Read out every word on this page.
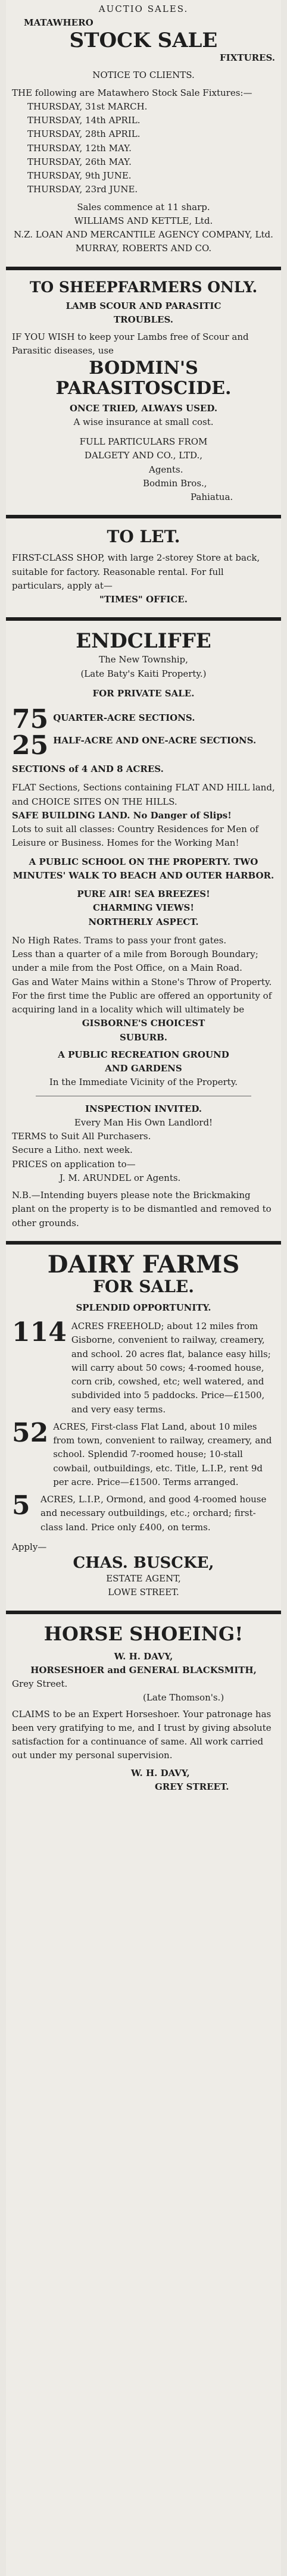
AUCTIO SALES.
MATAWHERO
STOCK SALE
FIXTURES.
NOTICE TO CLIENTS.
THE following are Matawhero Stock Sale Fixtures:—
THURSDAY, 31st MARCH.
THURSDAY, 14th APRIL.
THURSDAY, 28th APRIL.
THURSDAY, 12th MAY.
THURSDAY, 26th MAY.
THURSDAY, 9th JUNE.
THURSDAY, 23rd JUNE.
Sales commence at 11 sharp.
WILLIAMS AND KETTLE, Ltd.
N.Z. LOAN AND MERCANTILE AGENCY COMPANY, Ltd.
MURRAY, ROBERTS AND CO.
TO SHEEPFARMERS ONLY.
LAMB SCOUR AND PARASITIC
TROUBLES.
IF YOU WISH to keep your Lambs free of Scour and Parasitic diseases, use
BODMIN'S
PARASITOSCIDE.
ONCE TRIED, ALWAYS USED.
A wise insurance at small cost.
FULL PARTICULARS FROM
DALGETY AND CO., LTD.,
Agents.
Bodmin Bros.,
Pahiatua.
TO LET.
FIRST-CLASS SHOP, with large 2-storey Store at back, suitable for factory. Reasonable rental. For full particulars, apply at—
"TIMES" OFFICE.
ENDCLIFFE
The New Township,
(Late Baty's Kaiti Property.)
FOR PRIVATE SALE.
75 QUARTER-ACRE SECTIONS.
25 HALF-ACRE AND ONE-ACRE SECTIONS.
SECTIONS of 4 AND 8 ACRES.
FLAT Sections, Sections containing FLAT AND HILL land, and CHOICE SITES ON THE HILLS.
SAFE BUILDING LAND. No Danger of Slips!
Lots to suit all classes: Country Residences for Men of Leisure or Business. Homes for the Working Man!
A PUBLIC SCHOOL ON THE PROPERTY. TWO MINUTES' WALK TO BEACH AND OUTER HARBOR.
PURE AIR! SEA BREEZES!
CHARMING VIEWS!
NORTHERLY ASPECT.
No High Rates. Trams to pass your front gates.
Less than a quarter of a mile from Borough Boundary; under a mile from the Post Office, on a Main Road.
Gas and Water Mains within a Stone's Throw of Property.
For the first time the Public are offered an opportunity of acquiring land in a locality which will ultimately be
GISBORNE'S CHOICEST
SUBURB.
A PUBLIC RECREATION GROUND
AND GARDENS
In the Immediate Vicinity of the Property.
INSPECTION INVITED.
Every Man His Own Landlord!
TERMS to Suit All Purchasers.
Secure a Litho. next week.
PRICES on application to—
J. M. ARUNDEL or Agents.
N.B.—Intending buyers please note the Brickmaking plant on the property is to be dismantled and removed to other grounds.
DAIRY FARMS
FOR SALE.
SPLENDID OPPORTUNITY.
114 ACRES FREEHOLD; about 12 miles from Gisborne, convenient to railway, creamery, and school. 20 acres flat, balance easy hills; will carry about 50 cows; 4-roomed house, corn crib, cowshed, etc; well watered, and subdivided into 5 paddocks. Price—£1500, and very easy terms.
52 ACRES, First-class Flat Land, about 10 miles from town, convenient to railway, creamery, and school. Splendid 7-roomed house; 10-stall cowbail, outbuildings, etc. Title, L.I.P., rent 9d per acre. Price—£1500. Terms arranged.
5	ACRES, L.I.P., Ormond, and good 4-roomed house and necessary outbuildings, etc.; orchard; first-class land. Price only £400, on terms.
Apply—
CHAS. BUSCKE,
ESTATE AGENT,
LOWE STREET.
HORSE SHOEING!
W. H. DAVY,
HORSESHOER and GENERAL BLACKSMITH,
Grey Street.
(Late Thomson's.)
CLAIMS to be an Expert Horseshoer. Your patronage has been very gratifying to me, and I trust by giving absolute satisfaction for a continuance of same. All work carried out under my personal supervision.
W. H. DAVY,
GREY STREET.
